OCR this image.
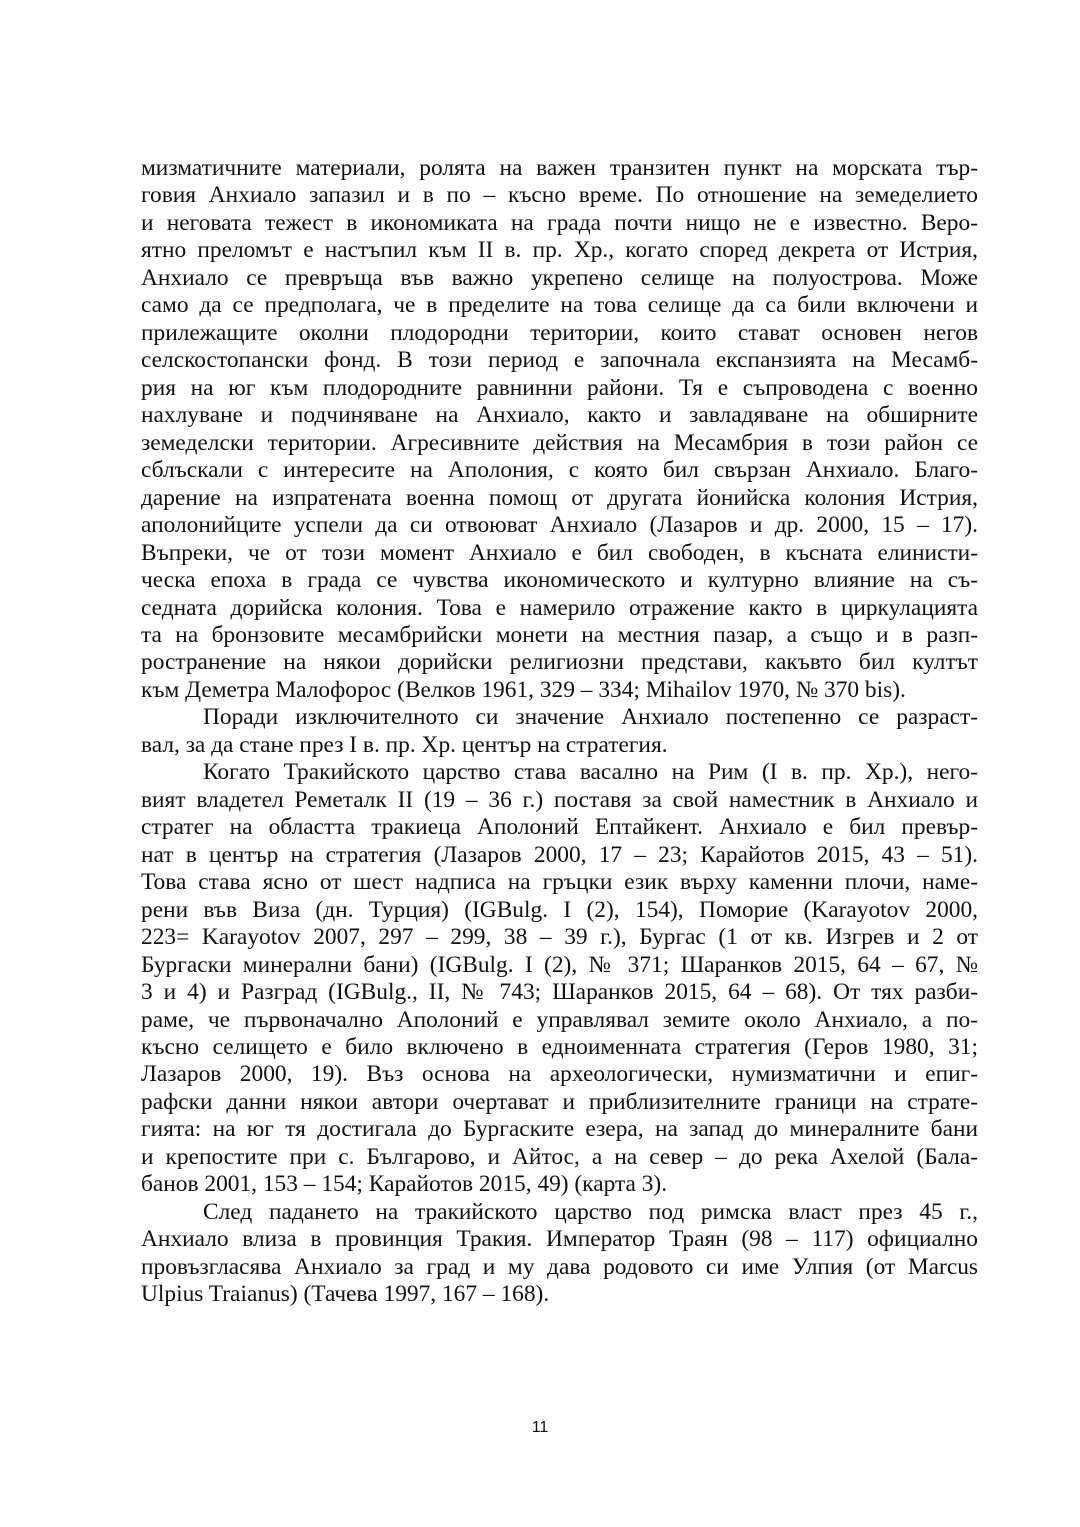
мизматичните материали, ролята на важен транзитен пункт на морската тър-
говия Анхиало запазил и в по – късно време. По отношение на земеделието
и неговата тежест в икономиката на града почти нищо не е известно. Веро-
ятно преломът е настъпил към II в. пр. Хр., когато според декрета от Истрия,
Анхиало се превръща във важно укрепено селище на полуострова. Може
само да се предполага, че в пределите на това селище да са били включени и
прилежащите околни плодородни територии, които стават основен негов
селскостопански фонд. В този период е започнала експанзията на Месамб-
рия на юг към плодородните равнинни райони. Тя е съпроводена с военно
нахлуване и подчиняване на Анхиало, както и завладяване на обширните
земеделски територии. Агресивните действия на Месамбрия в този район се
сблъскали с интересите на Аполония, с която бил свързан Анхиало. Благо-
дарение на изпратената военна помощ от другата йонийска колония Истрия,
аполонийците успели да си отвоюват Анхиало (Лазаров и др. 2000, 15 – 17).
Въпреки, че от този момент Анхиало е бил свободен, в късната елинисти-
ческа епоха в града се чувства икономическото и културно влияние на съ-
седната дорийска колония. Това е намерило отражение както в циркулацията
та на бронзовите месамбрийски монети на местния пазар, а също и в разп-
ространение на някои дорийски религиозни представи, какъвто бил култът
към Деметра Малофорос (Велков 1961, 329 – 334; Mihailov 1970, № 370 bis).
Поради изключителното си значение Анхиало постепенно се разраст-
вал, за да стане през I в. пр. Хр. център на стратегия.
Когато Тракийското царство става васално на Рим (I в. пр. Хр.), него-
вият владетел Реметалк II (19 – 36 г.) поставя за свой наместник в Анхиало и
стратег на областта тракиеца Аполоний Ептайкент. Анхиало е бил превър-
нат в център на стратегия (Лазаров 2000, 17 – 23; Карайотов 2015, 43 – 51).
Това става ясно от шест надписа на гръцки език върху каменни плочи, наме-
рени във Виза (дн. Турция) (IGBulg. I (2), 154), Поморие (Karayotov 2000,
223= Karayotov 2007, 297 – 299, 38 – 39 г.), Бургас (1 от кв. Изгрев и 2 от
Бургаски минерални бани) (IGBulg. I (2), № 371; Шаранков 2015, 64 – 67, №
3 и 4) и Разград (IGBulg., II, № 743; Шаранков 2015, 64 – 68). От тях разби-
раме, че първоначално Аполоний е управлявал земите около Анхиало, а по-
късно селището е било включено в едноименната стратегия (Геров 1980, 31;
Лазаров 2000, 19). Въз основа на археологически, нумизматични и епиг-
рафски данни някои автори очертават и приблизителните граници на страте-
гията: на юг тя достигала до Бургаските езера, на запад до минералните бани
и крепостите при с. Българово, и Айтос, а на север – до река Ахелой (Бала-
банов 2001, 153 – 154; Карайотов 2015, 49) (карта 3).
След падането на тракийското царство под римска власт през 45 г.,
Анхиало влиза в провинция Тракия. Император Траян (98 – 117) официално
провъзгласява Анхиало за град и му дава родовото си име Улпия (от Marcus
Ulpius Traianus) (Тачева 1997, 167 – 168).
11
